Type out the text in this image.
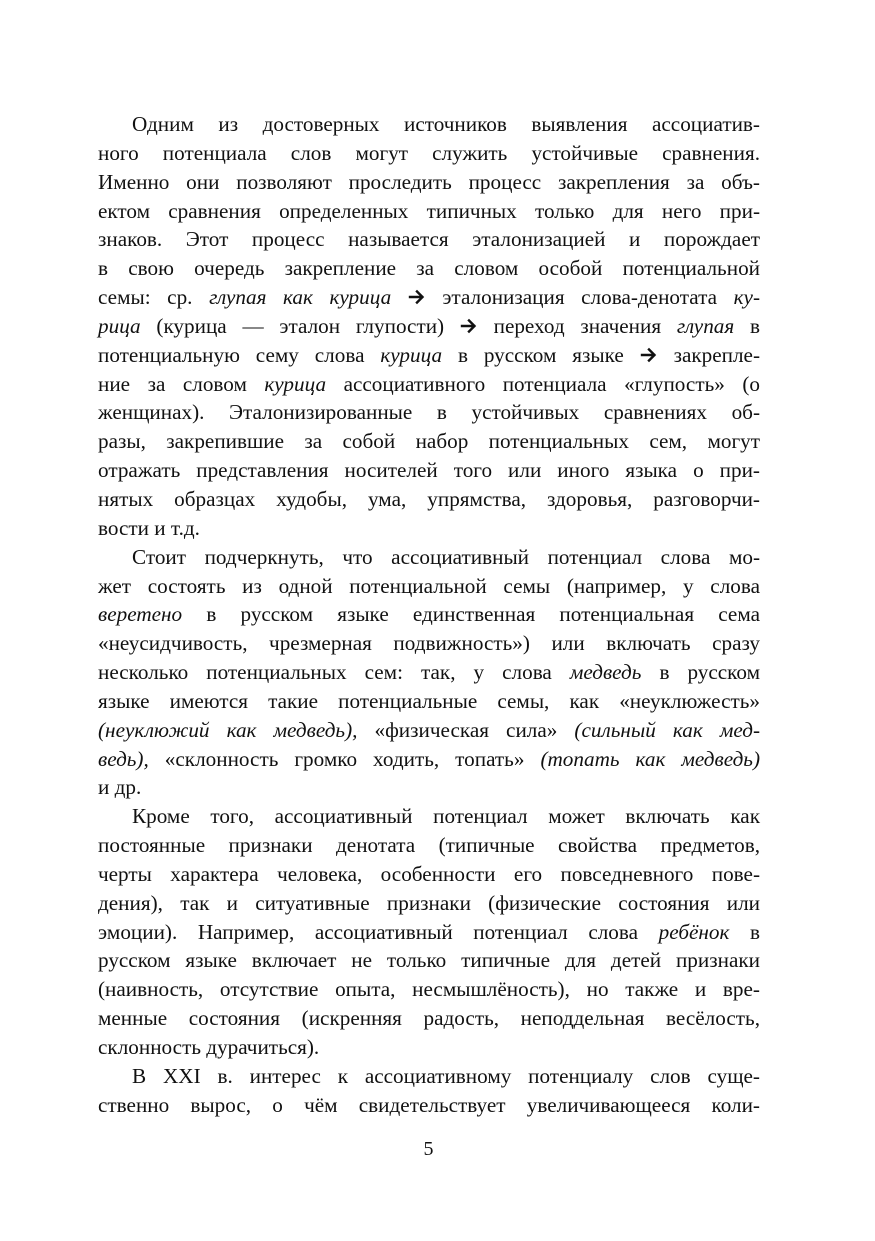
Одним из достоверных источников выявления ассоциатив-
ного потенциала слов могут служить устойчивые сравнения.
Именно они позволяют проследить процесс закрепления за объ-
ектом сравнения определенных типичных только для него при-
знаков. Этот процесс называется эталонизацией и порождает
в свою очередь закрепление за словом особой потенциальной
семы: ср. глупая как курица
эталонизация слова-денотата ку-
рица (курица — эталон глупости)
переход значения глупая в
потенциальную сему слова курица в русском языке
закрепле-
ние за словом курица ассоциативного потенциала «глупость» (о
женщинах). Эталонизированные в устойчивых сравнениях об-
разы, закрепившие за собой набор потенциальных сем, могут
отражать представления носителей того или иного языка о при-
нятых образцах худобы, ума, упрямства, здоровья, разговорчи-
вости и т.д.
Стоит подчеркнуть, что ассоциативный потенциал слова мо-
жет состоять из одной потенциальной семы (например, у слова
веретено в русском языке единственная потенциальная сема
«неусидчивость, чрезмерная подвижность») или включать сразу
несколько потенциальных сем: так, у слова медведь в русском
языке имеются такие потенциальные семы, как «неуклюжесть»
(неуклюжий как медведь), «физическая сила» (сильный как мед-
ведь), «склонность громко ходить, топать» (топать как медведь)
и др.
Кроме того, ассоциативный потенциал может включать как
постоянные признаки денотата (типичные свойства предметов,
черты характера человека, особенности его повседневного пове-
дения), так и ситуативные признаки (физические состояния или
эмоции). Например, ассоциативный потенциал слова ребёнок в
русском языке включает не только типичные для детей признаки
(наивность, отсутствие опыта, несмышлёность), но также и вре-
менные состояния (искренняя радость, неподдельная весёлость,
склонность дурачиться).
В XXI в. интерес к ассоциативному потенциалу слов суще-
ственно вырос, о чём свидетельствует увеличивающееся коли-
5
